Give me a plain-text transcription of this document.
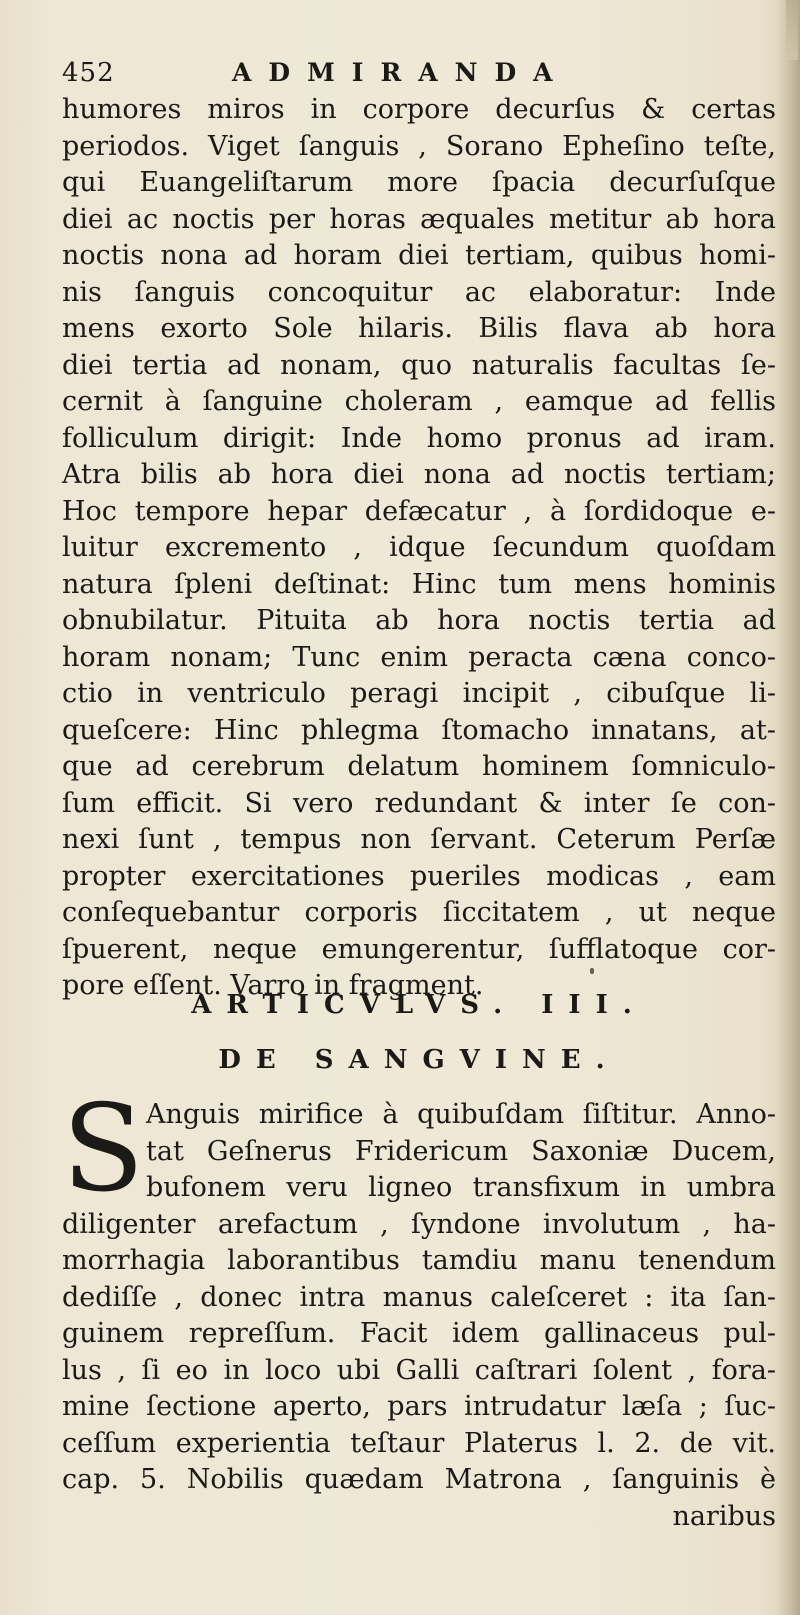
452	ADMIRANDA
humores miros in corpore decurſus & certas
periodos. Viget ſanguis , Sorano Epheſino teſte,
qui Euangeliſtarum more ſpacia decurſuſque
diei ac noctis per horas æquales metitur ab hora
noctis nona ad horam diei tertiam, quibus homi-
nis ſanguis concoquitur ac elaboratur: Inde
mens exorto Sole hilaris. Bilis flava ab hora
diei tertia ad nonam, quo naturalis facultas ſe-
cernit à ſanguine choleram , eamque ad fellis
folliculum dirigit: Inde homo pronus ad iram.
Atra bilis ab hora diei nona ad noctis tertiam;
Hoc tempore hepar defæcatur , à ſordidoque e-
luitur excremento , idque ſecundum quoſdam
natura ſpleni deſtinat: Hinc tum mens hominis
obnubilatur. Pituita ab hora noctis tertia ad
horam nonam; Tunc enim peracta cæna conco-
ctio in ventriculo peragi incipit , cibuſque li-
queſcere: Hinc phlegma ſtomacho innatans, at-
que ad cerebrum delatum hominem ſomniculo-
ſum efficit. Si vero redundant & inter ſe con-
nexi ſunt , tempus non ſervant. Ceterum Perſæ
propter exercitationes pueriles modicas , eam
conſequebantur corporis ſiccitatem , ut neque
ſpuerent, neque emungerentur, ſufflatoque cor-
pore eſſent. Varro in fragment.
ARTICVLVS. III.
DE SANGVINE.
S Anguis mirifice à quibuſdam ſiſtitur. Anno-
tat Geſnerus Fridericum Saxoniæ Ducem,
bufonem veru ligneo transfixum in umbra
diligenter arefactum , ſyndone involutum , ha-
morrhagia laborantibus tamdiu manu tenendum
dediſſe , donec intra manus caleſceret : ita ſan-
guinem repreſſum. Facit idem gallinaceus pul-
lus , ſi eo in loco ubi Galli caſtrari ſolent , fora-
mine ſectione aperto, pars intrudatur læſa ; ſuc-
ceſſum experientia teſtaur Platerus l. 2. de vit.
cap. 5. Nobilis quædam Matrona , ſanguinis è
naribus
